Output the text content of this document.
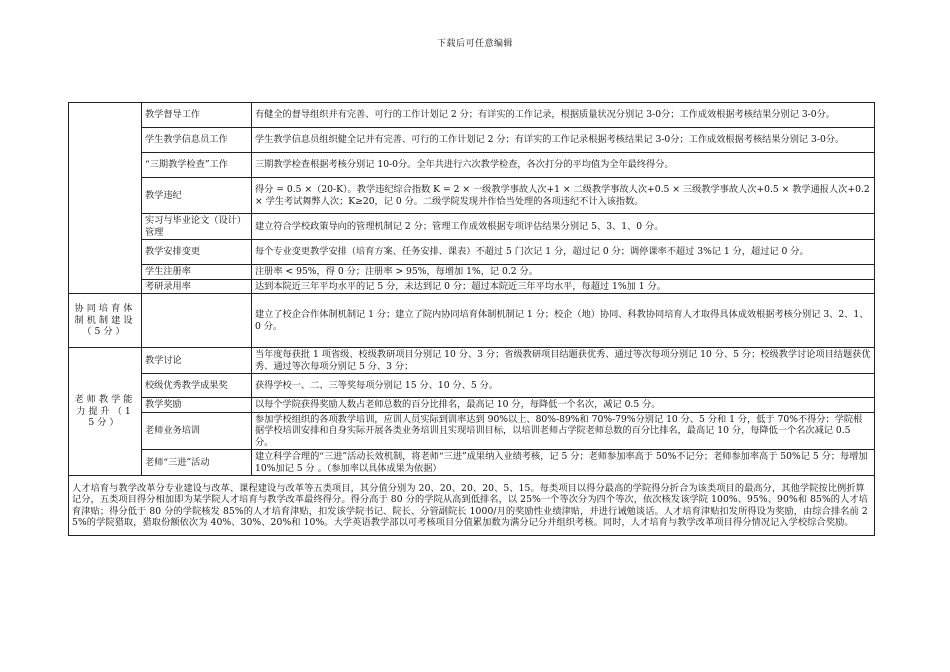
下载后可任意编辑
	教学督导工作	有健全的督导组织并有完善、可行的工作计划记 2 分；有详实的工作记录，根据质量状况分别记 3-0分；工作成效根据考核结果分别记 3-0分。
	学生教学信息员工作	学生教学信息员组织健全记并有完善、可行的工作计划记 2 分；有详实的工作记录根据考核结果记 3-0分；工作成效根据考核结果分别记 3-0分。
	“三期教学检查”工作	三期教学检查根据考核分别记 10-0分。全年共进行六次教学检查，各次打分的平均值为全年最终得分。
	教学违纪	得分 = 0.5 ×（20-K）。教学违纪综合指数 K = 2 × 一级教学事故人次+1 × 二级教学事故人次+0.5 × 三级教学事故人次+0.5 × 教学通报人次+0.2 × 学生考试舞弊人次；K≥20，记 0 分。二级学院发现并作恰当处理的各项违纪不计入该指数。
	实习与毕业论文（设计）管理	建立符合学校政策导向的管理机制记 2 分；管理工作成效根据专项评估结果分别记 5、3、1、0 分。
	教学安排变更	每个专业变更教学安排（培育方案、任务安排、课表）不超过 5 门次记 1 分，超过记 0 分；调停课率不超过 3%记 1 分，超过记 0 分。
	学生注册率	注册率 < 95%，得 0 分；注册率 > 95%，每增加 1%，记 0.2 分。
	考研录用率	达到本院近三年平均水平的记 5 分，未达到记 0 分；超过本院近三年平均水平，每超过 1%加 1 分。
协同培育体制机制建设（5分）		建立了校企合作体制机制记 1 分；建立了院内协同培育体制机制记 1 分；校企（地）协同、科教协同培育人才取得具体成效根据考核分别记 3、2、1、0 分。
老师教学能力提升（15分）	教学讨论	当年度每获批 1 项省级、校级教研项目分别记 10 分、3 分；省级教研项目结题获优秀、通过等次每项分别记 10 分、5 分；校级教学讨论项目结题获优秀、通过等次每项分别记 5 分、3 分；
	校级优秀教学成果奖	获得学校一、二、三等奖每项分别记 15 分、10 分、5 分。
	教学奖励	以每个学院获得奖励人数占老师总数的百分比排名，最高记 10 分，每降低一个名次，减记 0.5 分。
	老师业务培训	参加学校组织的各项教学培训，应训人员实际到训率达到 90%以上、80%-89%和 70%-79%分别记 10 分、5 分和 1 分，低于 70%不得分；学院根据学校培训安排和自身实际开展各类业务培训且实现培训目标，以培训老师占学院老师总数的百分比排名，最高记 10 分，每降低一个名次减记 0.5 分。
	老师“三进”活动	建立科学合理的“三进”活动长效机制，将老师“三进”成果纳入业绩考核，记 5 分；老师参加率高于 50%不记分；老师参加率高于 50%记 5 分；每增加 10%加记 5 分 。（参加率以具体成果为依据）
人才培育与教学改革分专业建设与改革、课程建设与改革等五类项目，其分值分别为 20、20、20、20、5、15。每类项目以得分最高的学院得分折合为该类项目的最高分，其他学院按比例折算记分，五类项目得分相加即为某学院人才培育与教学改革最终得分。得分高于 80 分的学院从高到低排名，以 25%一个等次分为四个等次，依次核发该学院 100%、95%、90%和 85%的人才培育津贴；得分低于 80 分的学院核发 85%的人才培育津贴，扣发该学院书记、院长、分管副院长 1000/月的奖励性业绩津贴，并进行诫勉谈话。人才培育津贴扣发所得设为奖励，由综合排名前 25%的学院猎取，猎取份额依次为 40%、30%、20%和 10%。大学英语教学部以可考核项目分值累加数为满分记分并组织考核。同时，人才培育与教学改革项目得分情况记入学校综合奖励。		
